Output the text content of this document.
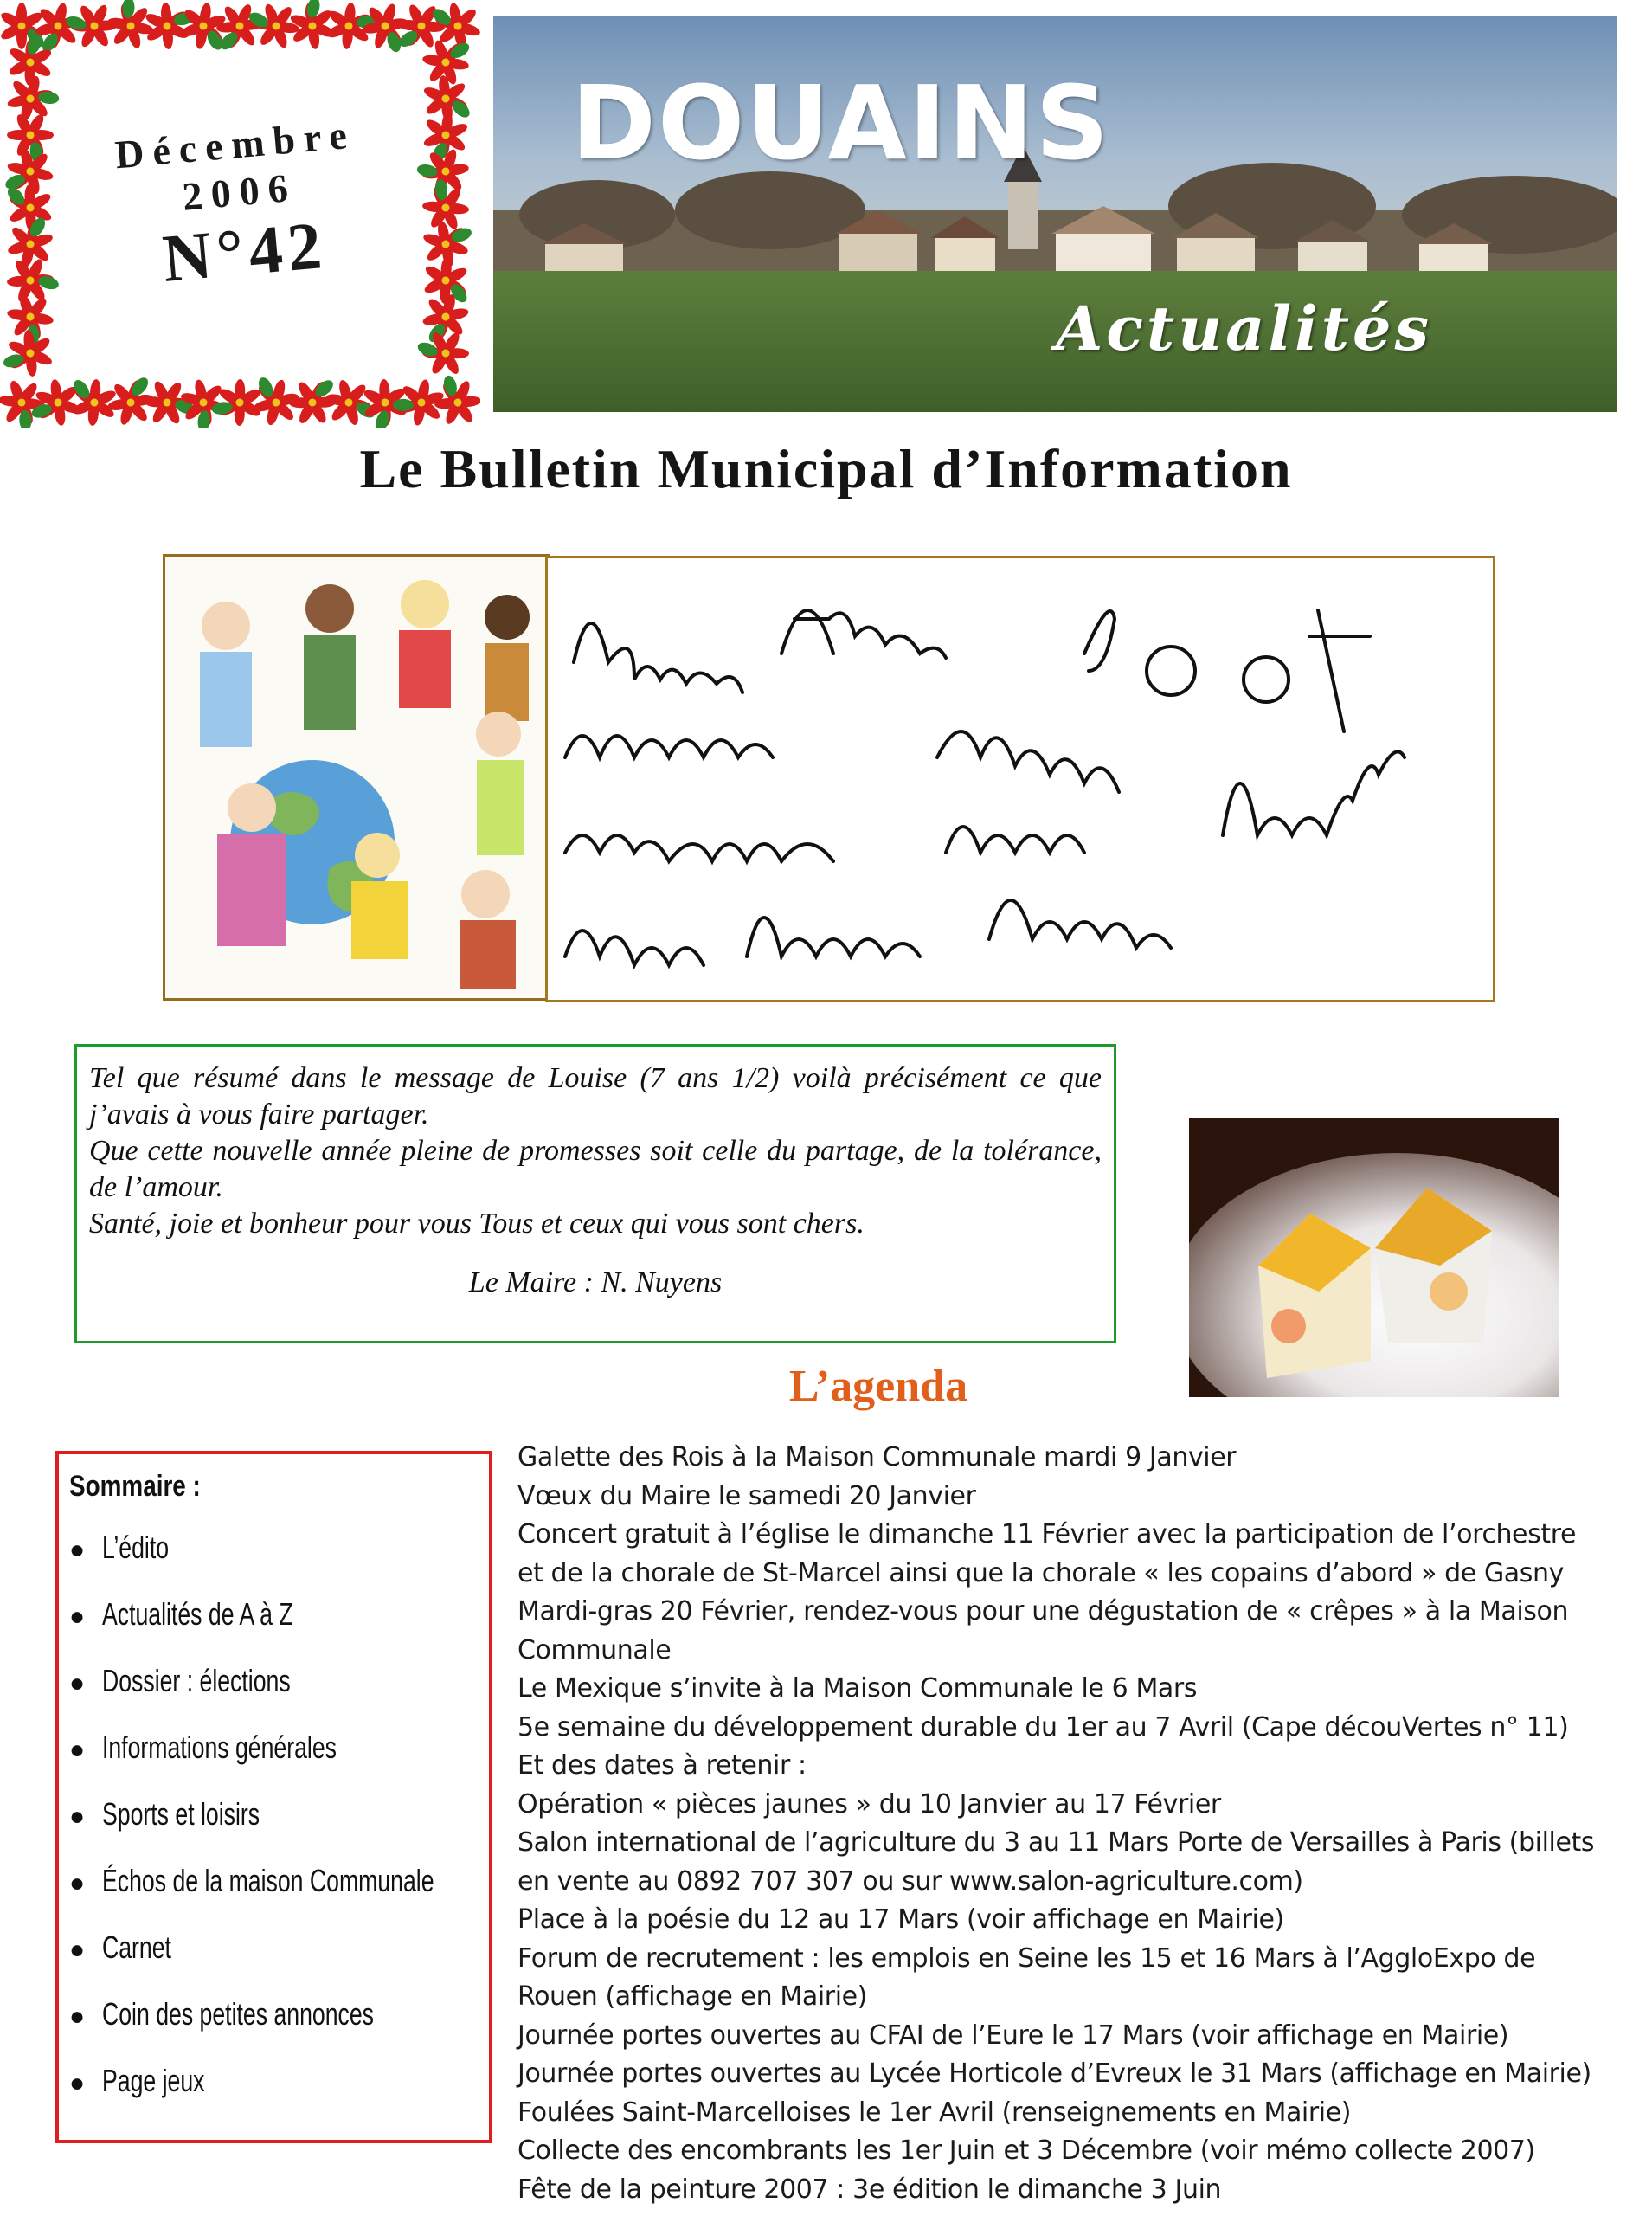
Décembre
2006
N°42
DOUAINS
Actualités
Le Bulletin Municipal d’Information

Tel que résumé dans le message de Louise (7 ans 1/2) voilà précisément ce que j’avais à vous faire partager.

Que cette nouvelle année pleine de promesses soit celle du partage, de la tolérance, de l’amour.

Santé, joie et bonheur pour vous Tous et ceux qui vous sont chers.

Le Maire : N. Nuyens

L’agenda
Sommaire :
● L’édito
● Actualités de A à Z
● Dossier : élections
● Informations générales
● Sports et loisirs
● Échos de la maison Communale
● Carnet
● Coin des petites annonces
● Page jeux

Galette des Rois à la Maison Communale mardi 9 Janvier

Vœux du Maire le samedi 20 Janvier

Concert gratuit à l’église le dimanche 11 Février avec la participation de l’orchestre et de la chorale de St-Marcel ainsi que la chorale « les copains d’abord » de Gasny

Mardi-gras 20 Février, rendez-vous pour une dégustation de « crêpes » à la Maison Communale

Le Mexique s’invite à la Maison Communale le 6 Mars

5e semaine du développement durable du 1er au 7 Avril (Cape découVertes n° 11)

Et des dates à retenir :

Opération « pièces jaunes » du 10 Janvier au 17 Février

Salon international de l’agriculture du 3 au 11 Mars Porte de Versailles à Paris (billets en vente au 0892 707 307 ou sur www.salon-agriculture.com)

Place à la poésie du 12 au 17 Mars (voir affichage en Mairie)

Forum de recrutement : les emplois en Seine les 15 et 16 Mars à l’AggloExpo de Rouen (affichage en Mairie)

Journée portes ouvertes au CFAI de l’Eure le 17 Mars (voir affichage en Mairie)

Journée portes ouvertes au Lycée Horticole d’Evreux le 31 Mars (affichage en Mairie)

Foulées Saint-Marcelloises le 1er Avril (renseignements en Mairie)

Collecte des encombrants les 1er Juin et 3 Décembre (voir mémo collecte 2007)

Fête de la peinture 2007 : 3e édition le dimanche 3 Juin
